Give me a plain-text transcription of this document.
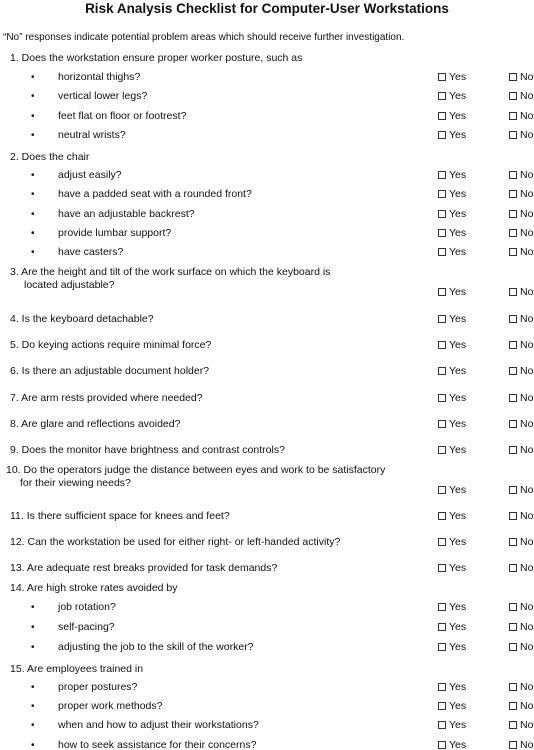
Risk Analysis Checklist for Computer-User Workstations
“No” responses indicate potential problem areas which should receive further investigation.
1. Does the workstation ensure proper worker posture, such as
• horizontal thighs?	Yes	No
• vertical lower legs?	Yes	No
• feet flat on floor or footrest?	Yes	No
• neutral wrists?	Yes	No
2. Does the chair
• adjust easily?	Yes	No
• have a padded seat with a rounded front?	Yes	No
• have an adjustable backrest?	Yes	No
• provide lumbar support?	Yes	No
• have casters?	Yes	No
3. Are the height and tilt of the work surface on which the keyboard is
located adjustable?
Yes	No
4. Is the keyboard detachable?	Yes	No
5. Do keying actions require minimal force?	Yes	No
6. Is there an adjustable document holder?	Yes	No
7. Are arm rests provided where needed?	Yes	No
8. Are glare and reflections avoided?	Yes	No
9. Does the monitor have brightness and contrast controls?	Yes	No
10. Do the operators judge the distance between eyes and work to be satisfactory
for their viewing needs?
Yes	No
11. Is there sufficient space for knees and feet?	Yes	No
12. Can the workstation be used for either right- or left-handed activity?	Yes	No
13. Are adequate rest breaks provided for task demands?	Yes	No
14. Are high stroke rates avoided by
• job rotation?	Yes	No
• self-pacing?	Yes	No
• adjusting the job to the skill of the worker?	Yes	No
15. Are employees trained in
• proper postures?	Yes	No
• proper work methods?	Yes	No
• when and how to adjust their workstations?	Yes	No
• how to seek assistance for their concerns?	Yes	No
